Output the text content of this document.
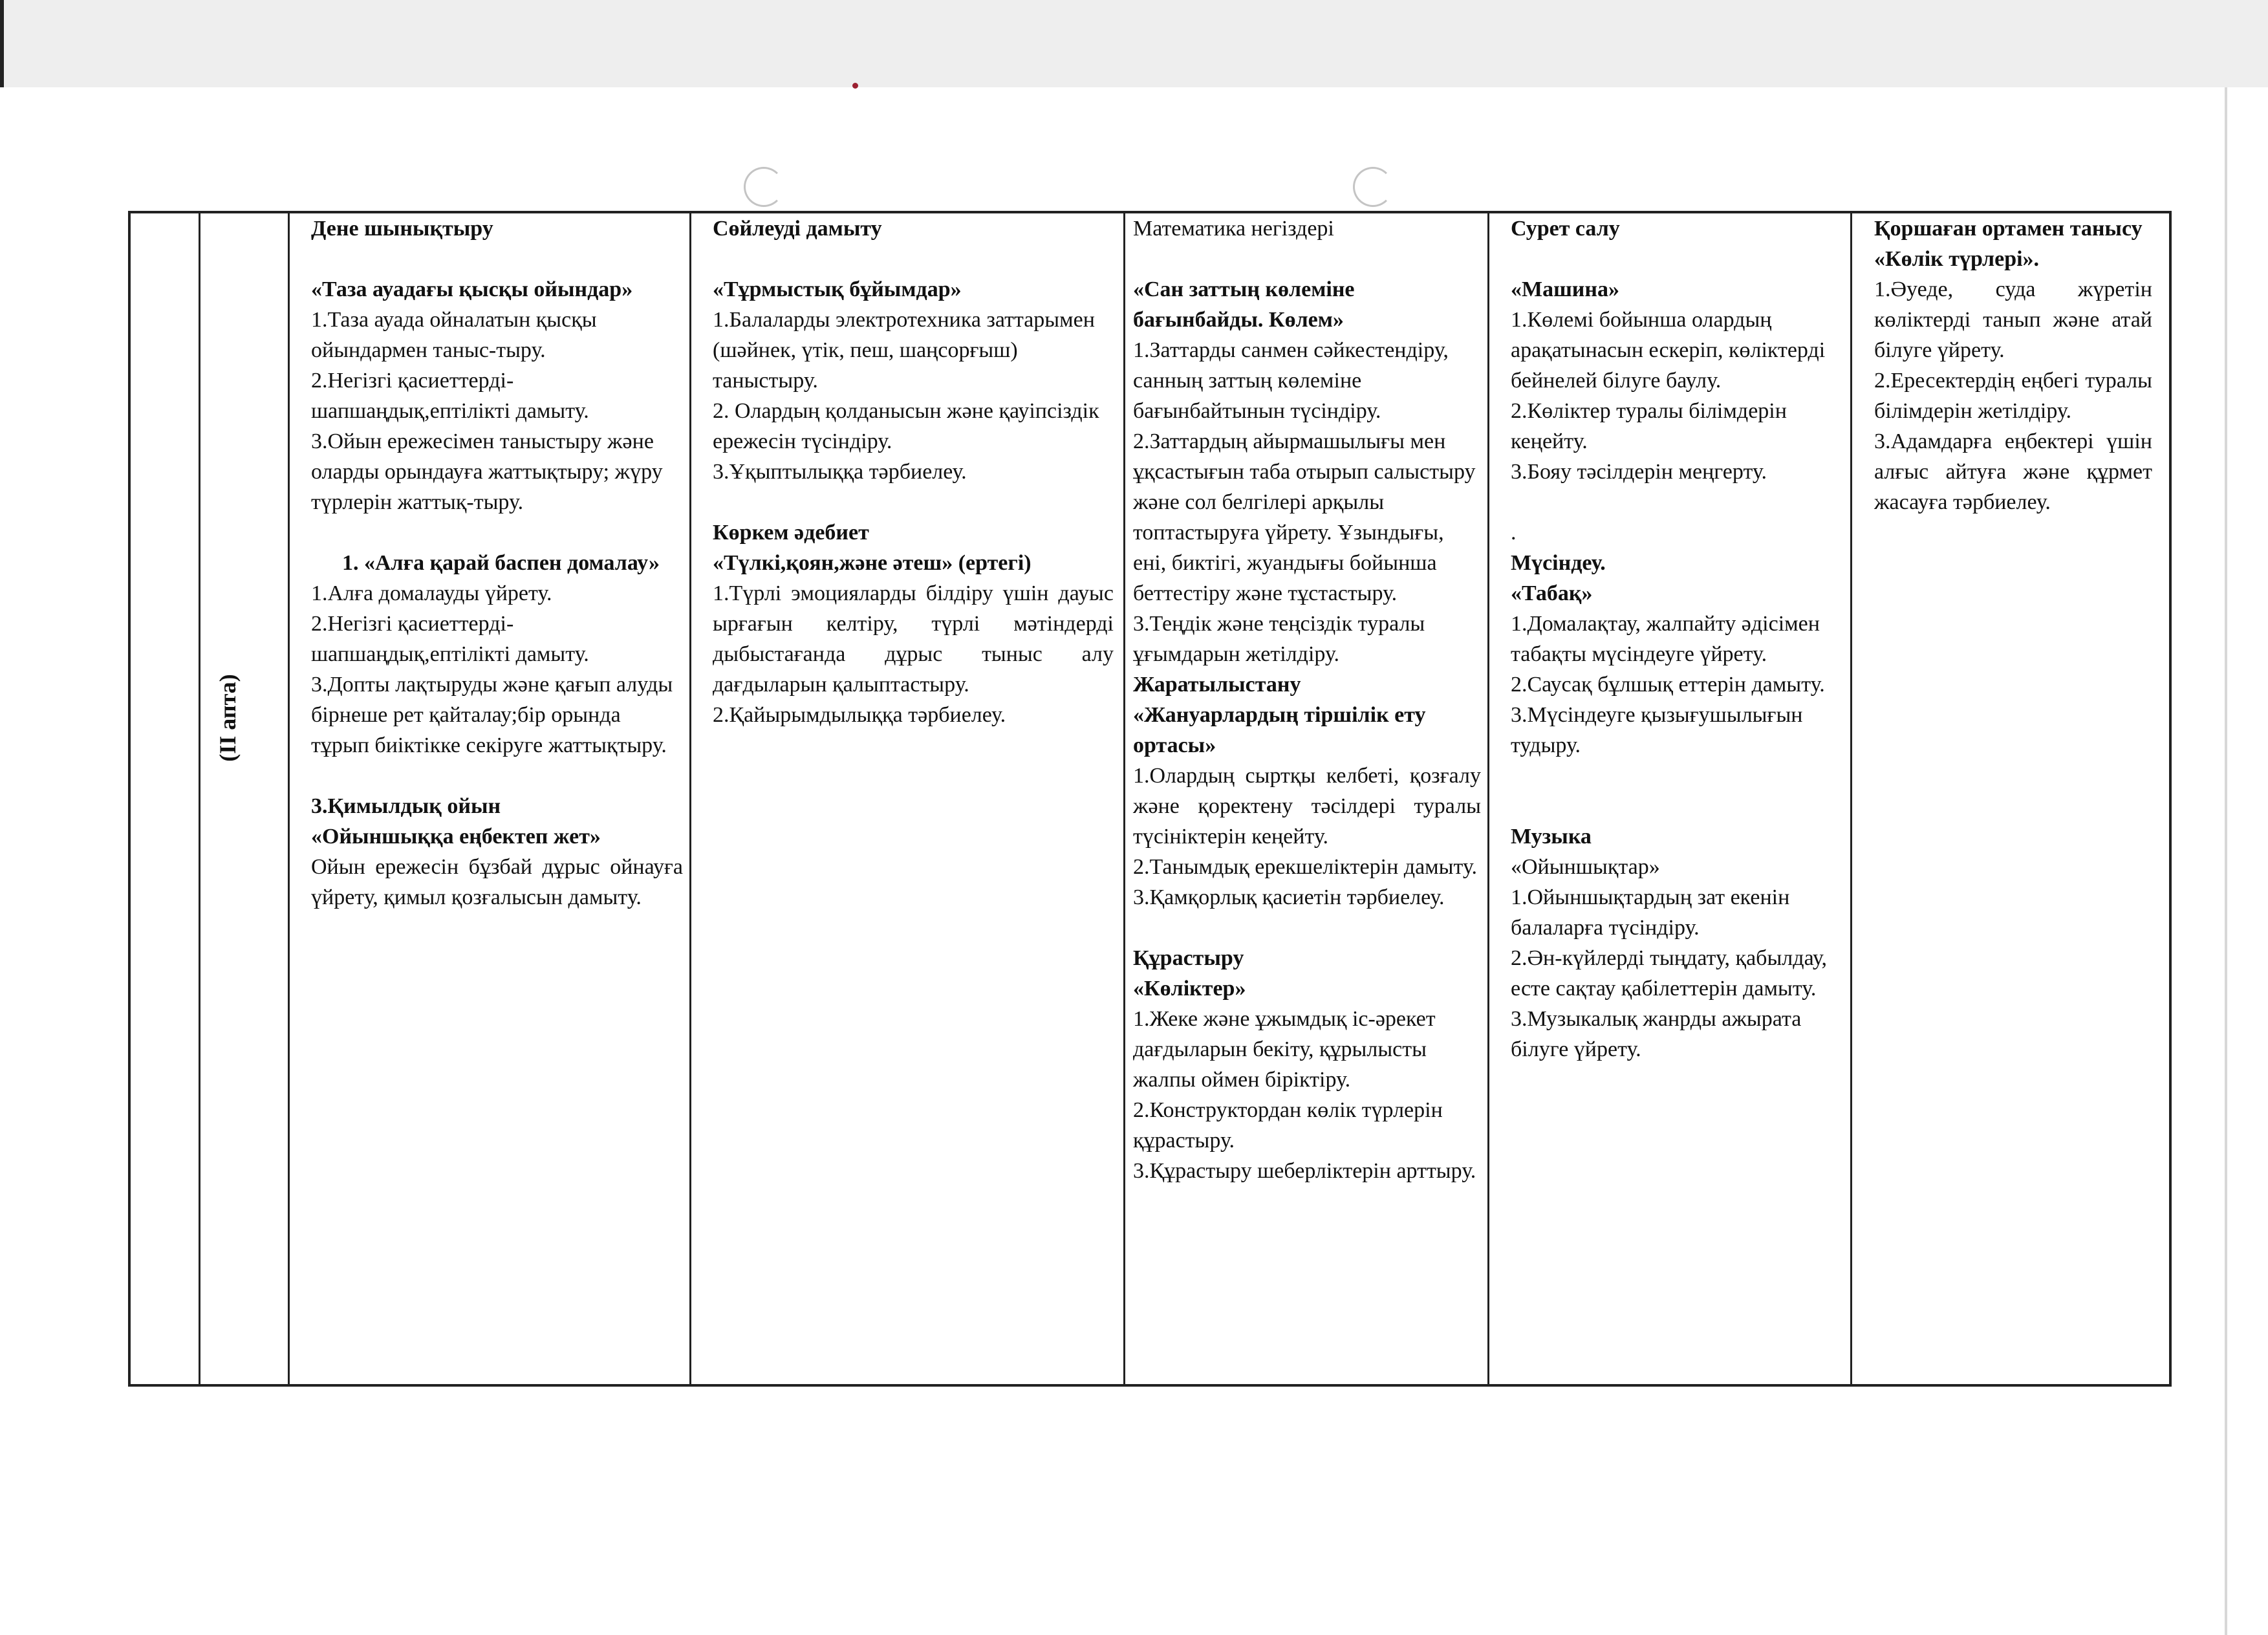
(ІІ апта)

Дене шынықтыру

«Таза ауадағы қысқы ойындар»

1.Таза ауада ойналатын қысқы ойындармен таныс-тыру.

2.Негізгі қасиеттерді-шапшаңдық,ептілікті дамыту.

3.Ойын ережесімен таныстыру және оларды орындауға жаттықтыру; жүру түрлерін жаттық-тыру.

1. «Алға қарай баспен домалау»

1.Алға домалауды үйрету.

2.Негізгі қасиеттерді-шапшаңдық,ептілікті дамыту.

3.Допты лақтыруды және қағып алуды бірнеше рет қайталау;бір орында тұрып биіктікке секіруге жаттықтыру.

3.Қимылдық ойын

«Ойыншыққа еңбектеп жет»

Ойын ережесін бұзбай дұрыс ойнауға үйрету, қимыл қозғалысын дамыту.

Сөйлеуді дамыту

«Тұрмыстық бұйымдар»

1.Балаларды электротехника заттарымен (шәйнек, үтік, пеш, шаңсорғыш) таныстыру.

2. Олардың қолданысын және қауіпсіздік ережесін түсіндіру.

3.Ұқыптылыққа тәрбиелеу.

Көркем әдебиет

«Түлкі,қоян,және әтеш» (ертегі)

1.Түрлі эмоцияларды білдіру үшін дауыс ырғағын келтіру, түрлі мәтіндерді дыбыстағанда дұрыс тыныс алу дағдыларын қалыптастыру.

2.Қайырымдылыққа тәрбиелеу.

Математика негіздері

«Сан заттың көлеміне бағынбайды. Көлем»

1.Заттарды санмен сәйкестендіру, санның заттың көлеміне бағынбайтынын түсіндіру. 2.Заттардың айырмашылығы мен ұқсастығын таба отырып салыстыру және сол белгілері арқылы топтастыруға үйрету. Ұзындығы, ені, биктігі, жуандығы бойынша беттестіру және тұстастыру.

3.Теңдік және теңсіздік туралы ұғымдарын жетілдіру.

Жаратылыстану

«Жануарлардың тіршілік ету ортасы»

1.Олардың сыртқы келбеті, қозғалу және қоректену тәсілдері туралы түсініктерін кеңейту.

2.Танымдық ерекшеліктерін дамыту.

3.Қамқорлық қасиетін тәрбиелеу.

Құрастыру

«Көліктер»

1.Жеке және ұжымдық іс-әрекет дағдыларын бекіту, құрылысты жалпы оймен біріктіру. 2.Конструктордан көлік түрлерін құрастыру.

3.Құрастыру шеберліктерін арттыру.

Сурет салу

«Машина»

1.Көлемі бойынша олардың арақатынасын ескеріп, көліктерді бейнелей білуге баулу.

2.Көліктер туралы білімдерін кеңейту.

3.Бояу тәсілдерін меңгерту.

.

Мүсіндеу.

«Табақ»

1.Домалақтау, жалпайту әдісімен табақты мүсіндеуге үйрету.

2.Саусақ бұлшық еттерін дамыту.

3.Мүсіндеуге қызығушылығын тудыру.

Музыка

«Ойыншықтар»

1.Ойыншықтардың зат екенін балаларға түсіндіру.

2.Ән-күйлерді тыңдату, қабылдау, есте сақтау қабілеттерін дамыту.

3.Музыкалық жанрды ажырата білуге үйрету.

Қоршаған ортамен танысу

«Көлік түрлері».

1.Әуеде, суда жүретін көліктерді танып және атай білуге үйрету.

2.Ересектердің еңбегі туралы білімдерін жетілдіру.

3.Адамдарға еңбектері үшін алғыс айтуға және құрмет жасауға тәрбиелеу.
